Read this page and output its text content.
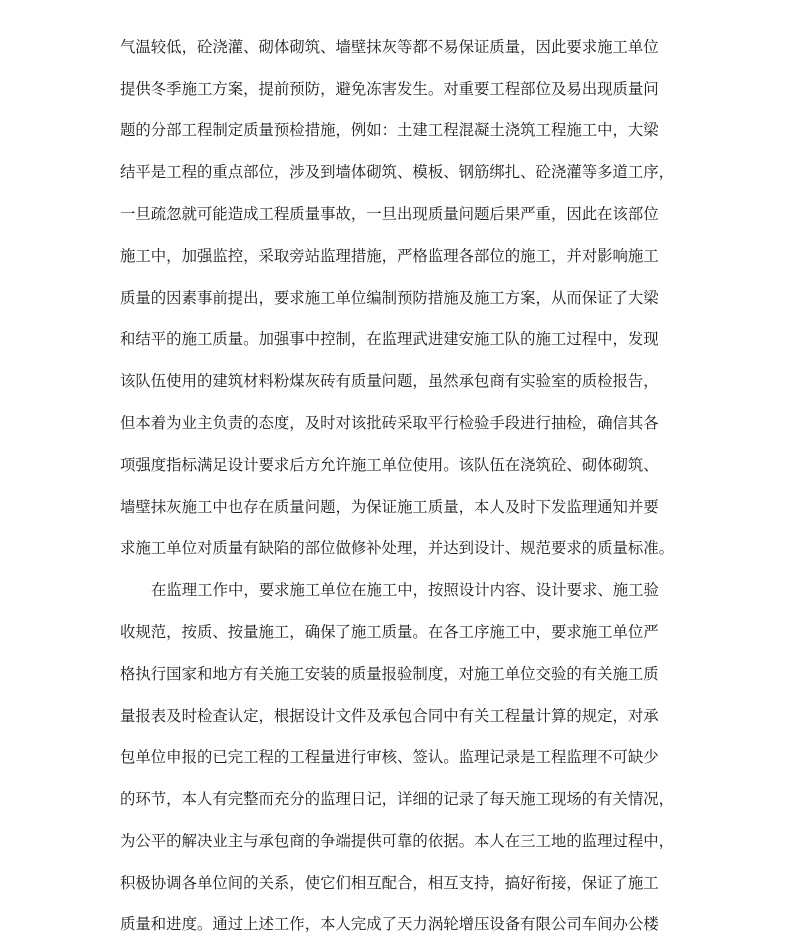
气温较低，砼浇灌、砌体砌筑、墙壁抹灰等都不易保证质量，因此要求施工单位
提供冬季施工方案，提前预防，避免冻害发生。对重要工程部位及易出现质量问
题的分部工程制定质量预检措施，例如：土建工程混凝土浇筑工程施工中，大梁
结平是工程的重点部位，涉及到墙体砌筑、模板、钢筋绑扎、砼浇灌等多道工序，
一旦疏忽就可能造成工程质量事故，一旦出现质量问题后果严重，因此在该部位
施工中，加强监控，采取旁站监理措施，严格监理各部位的施工，并对影响施工
质量的因素事前提出，要求施工单位编制预防措施及施工方案，从而保证了大梁
和结平的施工质量。加强事中控制，在监理武进建安施工队的施工过程中，发现
该队伍使用的建筑材料粉煤灰砖有质量问题，虽然承包商有实验室的质检报告，
但本着为业主负责的态度，及时对该批砖采取平行检验手段进行抽检，确信其各
项强度指标满足设计要求后方允许施工单位使用。该队伍在浇筑砼、砌体砌筑、
墙壁抹灰施工中也存在质量问题，为保证施工质量，本人及时下发监理通知并要
求施工单位对质量有缺陷的部位做修补处理，并达到设计、规范要求的质量标准。
在监理工作中，要求施工单位在施工中，按照设计内容、设计要求、施工验
收规范，按质、按量施工，确保了施工质量。在各工序施工中，要求施工单位严
格执行国家和地方有关施工安装的质量报验制度，对施工单位交验的有关施工质
量报表及时检查认定，根据设计文件及承包合同中有关工程量计算的规定，对承
包单位申报的已完工程的工程量进行审核、签认。监理记录是工程监理不可缺少
的环节，本人有完整而充分的监理日记，详细的记录了每天施工现场的有关情况，
为公平的解决业主与承包商的争端提供可靠的依据。本人在三工地的监理过程中，
积极协调各单位间的关系，使它们相互配合，相互支持，搞好衔接，保证了施工
质量和进度。通过上述工作，本人完成了天力涡轮增压设备有限公司车间办公楼
